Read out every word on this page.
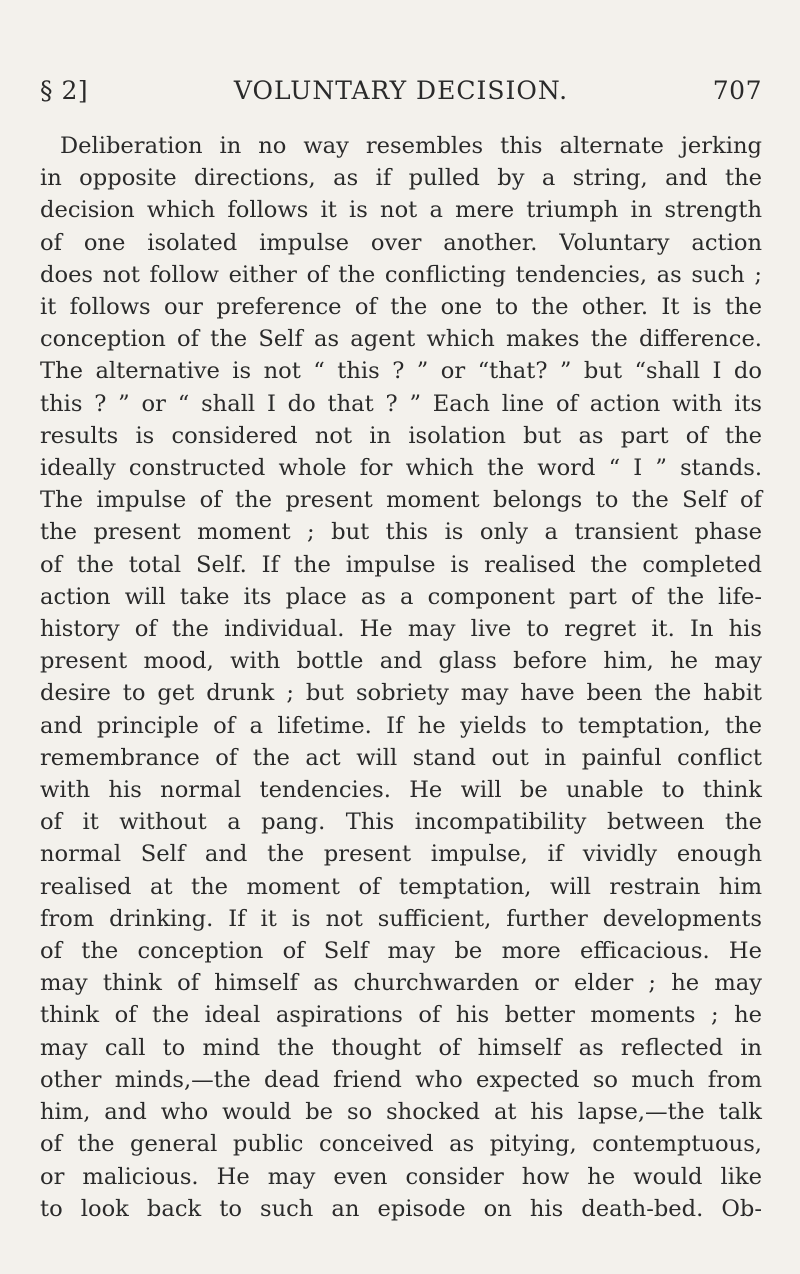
§ 2]	VOLUNTARY DECISION.	707
Deliberation in no way resembles this alternate jerking
in opposite directions, as if pulled by a string, and the
decision which follows it is not a mere triumph in strength
of one isolated impulse over another. Voluntary action
does not follow either of the conflicting tendencies, as such ;
it follows our preference of the one to the other. It is the
conception of the Self as agent which makes the difference.
The alternative is not “ this ? ” or “that? ” but “shall I do
this ? ” or “ shall I do that ? ” Each line of action with its
results is considered not in isolation but as part of the
ideally constructed whole for which the word “ I ” stands.
The impulse of the present moment belongs to the Self of
the present moment ; but this is only a transient phase
of the total Self. If the impulse is realised the completed
action will take its place as a component part of the life-
history of the individual. He may live to regret it. In his
present mood, with bottle and glass before him, he may
desire to get drunk ; but sobriety may have been the habit
and principle of a lifetime. If he yields to temptation, the
remembrance of the act will stand out in painful conflict
with his normal tendencies. He will be unable to think
of it without a pang. This incompatibility between the
normal Self and the present impulse, if vividly enough
realised at the moment of temptation, will restrain him
from drinking. If it is not sufficient, further developments
of the conception of Self may be more efficacious. He
may think of himself as churchwarden or elder ; he may
think of the ideal aspirations of his better moments ; he
may call to mind the thought of himself as reflected in
other minds,—the dead friend who expected so much from
him, and who would be so shocked at his lapse,—the talk
of the general public conceived as pitying, contemptuous,
or malicious. He may even consider how he would like
to look back to such an episode on his death-bed. Ob-
